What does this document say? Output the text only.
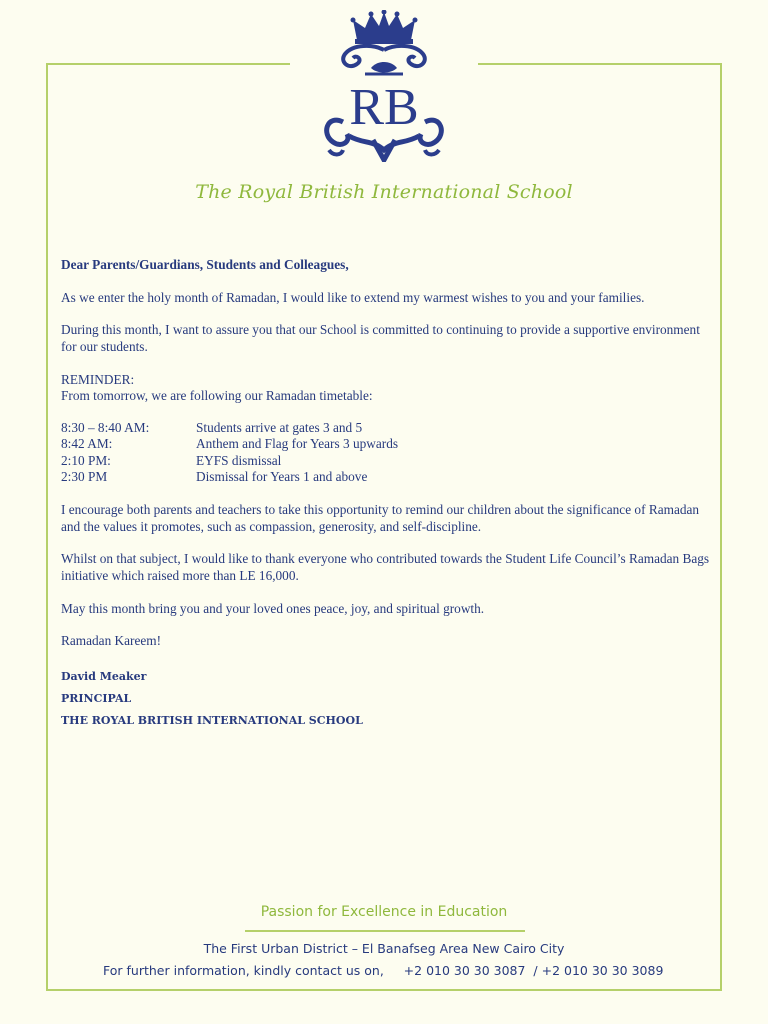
RB
The Royal British International School

Dear Parents/Guardians, Students and Colleagues,

As we enter the holy month of Ramadan, I would like to extend my warmest wishes to you and your families.

During this month, I want to assure you that our School is committed to continuing to provide a supportive environment for our students.

REMINDER:

From tomorrow, we are following our Ramadan timetable:

8:30 – 8:40 AM:	Students arrive at gates 3 and 5
8:42 AM:	Anthem and Flag for Years 3 upwards
2:10 PM:	EYFS dismissal
2:30 PM	Dismissal for Years 1 and above

I encourage both parents and teachers to take this opportunity to remind our children about the significance of Ramadan and the values it promotes, such as compassion, generosity, and self-discipline.

Whilst on that subject, I would like to thank everyone who contributed towards the Student Life Council’s Ramadan Bags initiative which raised more than LE 16,000.

May this month bring you and your loved ones peace, joy, and spiritual growth.

Ramadan Kareem!

David Meaker
PRINCIPAL
THE ROYAL BRITISH INTERNATIONAL SCHOOL
Passion for Excellence in Education
The First Urban District – El Banafseg Area New Cairo City
For further information, kindly contact us on,     +2 010 30 30 3087  / +2 010 30 30 3089
